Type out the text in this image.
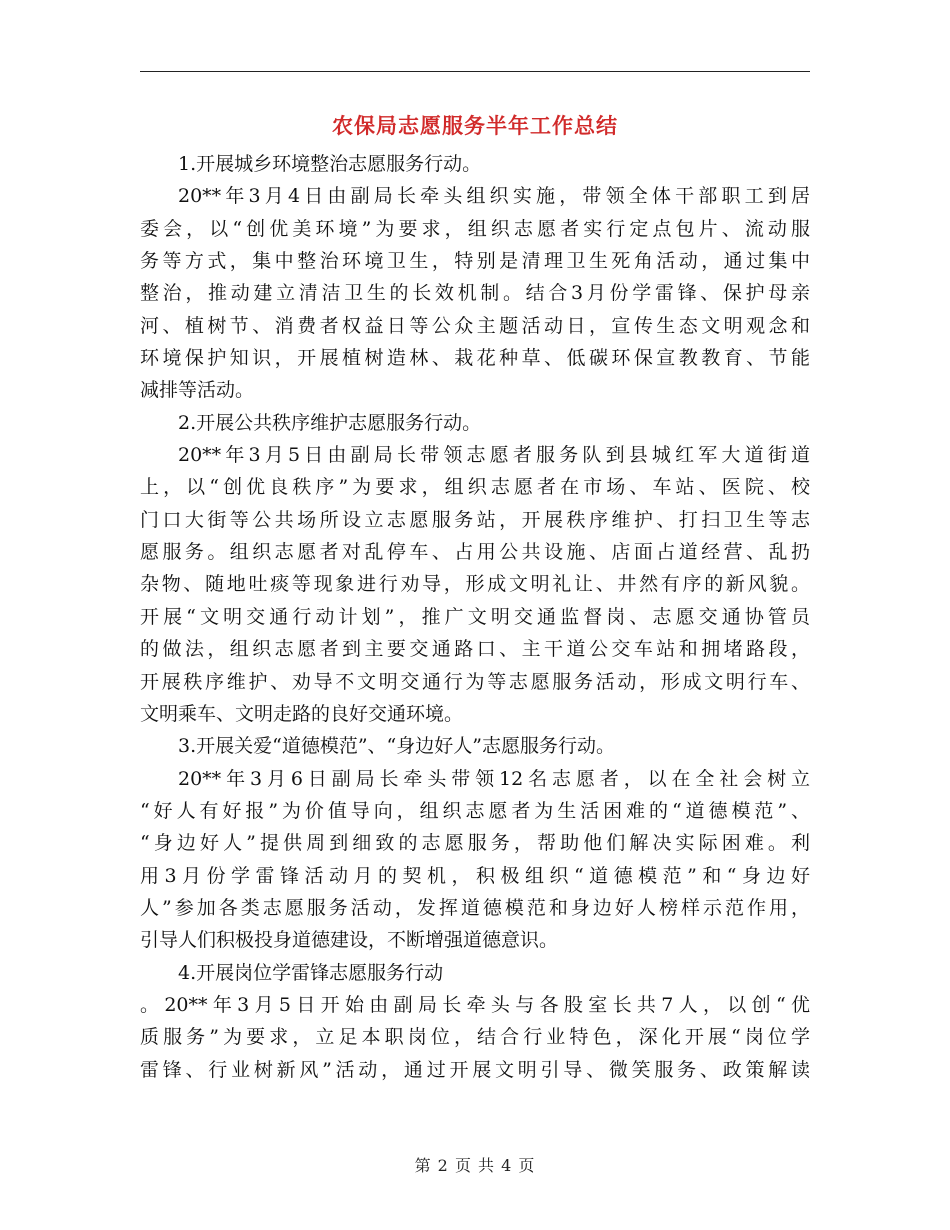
农保局志愿服务半年工作总结
1.开展城乡环境整治志愿服务行动。
20**年3月4日由副局长牵头组织实施，带领全体干部职工到居
委会，以“创优美环境”为要求，组织志愿者实行定点包片、流动服
务等方式，集中整治环境卫生，特别是清理卫生死角活动，通过集中
整治，推动建立清洁卫生的长效机制。结合3月份学雷锋、保护母亲
河、植树节、消费者权益日等公众主题活动日，宣传生态文明观念和
环境保护知识，开展植树造林、栽花种草、低碳环保宣教教育、节能
减排等活动。
2.开展公共秩序维护志愿服务行动。
20**年3月5日由副局长带领志愿者服务队到县城红军大道街道
上，以“创优良秩序”为要求，组织志愿者在市场、车站、医院、校
门口大街等公共场所设立志愿服务站，开展秩序维护、打扫卫生等志
愿服务。组织志愿者对乱停车、占用公共设施、店面占道经营、乱扔
杂物、随地吐痰等现象进行劝导，形成文明礼让、井然有序的新风貌。
开展“文明交通行动计划”，推广文明交通监督岗、志愿交通协管员
的做法，组织志愿者到主要交通路口、主干道公交车站和拥堵路段，
开展秩序维护、劝导不文明交通行为等志愿服务活动，形成文明行车、
文明乘车、文明走路的良好交通环境。
3.开展关爱“道德模范”、“身边好人”志愿服务行动。
20**年3月6日副局长牵头带领12名志愿者，以在全社会树立
“好人有好报”为价值导向，组织志愿者为生活困难的“道德模范”、
“身边好人”提供周到细致的志愿服务，帮助他们解决实际困难。利
用3月份学雷锋活动月的契机，积极组织“道德模范”和“身边好
人”参加各类志愿服务活动，发挥道德模范和身边好人榜样示范作用，
引导人们积极投身道德建设，不断增强道德意识。
4.开展岗位学雷锋志愿服务行动
。20**年3月5日开始由副局长牵头与各股室长共7人，以创“优
质服务”为要求，立足本职岗位，结合行业特色，深化开展“岗位学
雷锋、行业树新风”活动，通过开展文明引导、微笑服务、政策解读
第 2 页 共 4 页
